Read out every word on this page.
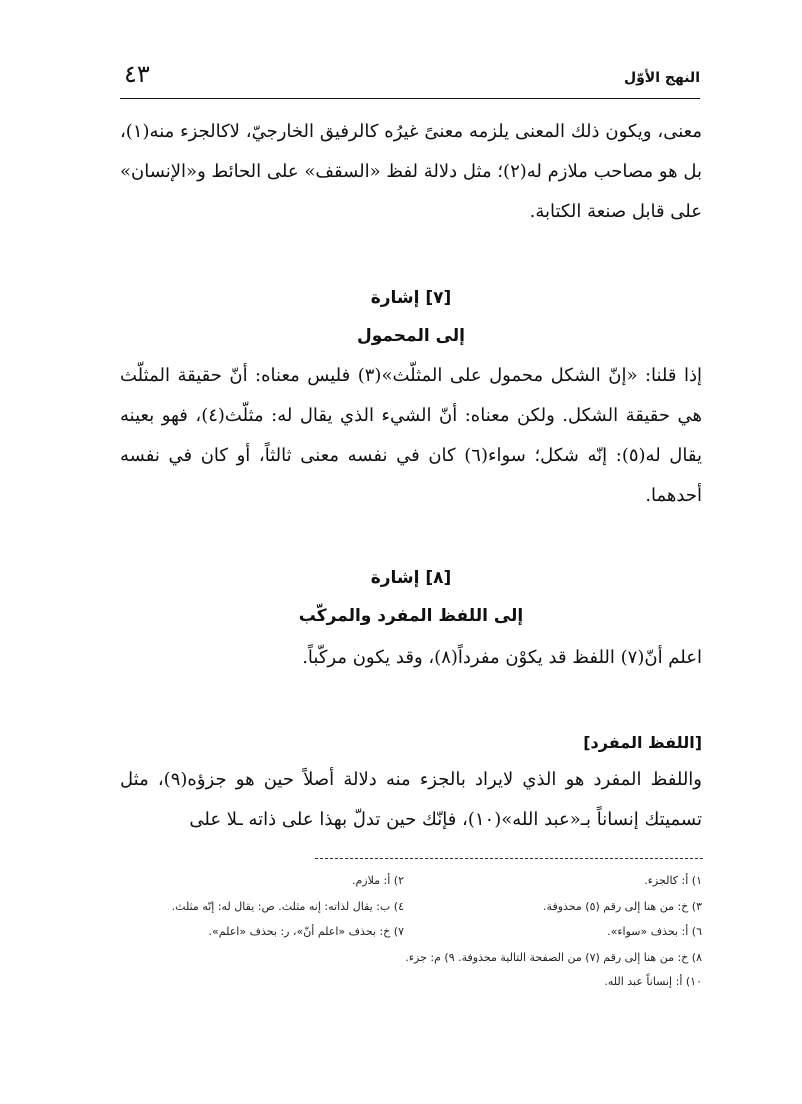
النهج الأوّل
٤٣

معنى، ويكون ذلك المعنى يلزمه معنىً غيرُه كالرفيق الخارجيّ، لاكالجزء منه(١)، بل هو مصاحب ملازم له(٢)؛ مثل دلالة لفظ «السقف» على الحائط و«الإنسان» على قابل صنعة الكتابة.

[٧] إشارة
إلى المحمول

إذا قلنا: «إنّ الشكل محمول على المثلّث»(٣) فليس معناه: أنّ حقيقة المثلّث هي حقيقة الشكل. ولكن معناه: أنّ الشيء الذي يقال له: مثلّث(٤)، فهو بعينه يقال له(٥): إنّه شكل؛ سواء(٦) كان في نفسه معنى ثالثاً، أو كان في نفسه أحدهما.

[٨] إشارة
إلى اللفظ المفرد والمركّب

اعلم أنّ(٧) اللفظ قد يكوْن مفرداً(٨)، وقد يكون مركّباً.

[اللفظ المفرد]

واللفظ المفرد هو الذي لايراد بالجزء منه دلالة أصلاً حين هو جزؤه(٩)، مثل تسميتك إنساناً بـ«عبد الله»(١٠)، فإنّك حين تدلّ بهذا على ذاته ـلا على

١) أ: كالجزء.
٢) أ: ملازم.
٣) خ: من هنا إلى رقم (٥) محذوفة.
٤) ب: يقال لذاته: إنه مثلث. ص: يقال له: إنّه مثلث.
٦) أ: بحذف «سواء».
٧) خ: بحذف «اعلم أنّ»، ر: بحذف «اعلم».
٨) خ: من هنا إلى رقم (٧) من الصفحة التالية محذوفة. ٩) م: جزء.
١٠) أ: إنساناً عبد الله.
